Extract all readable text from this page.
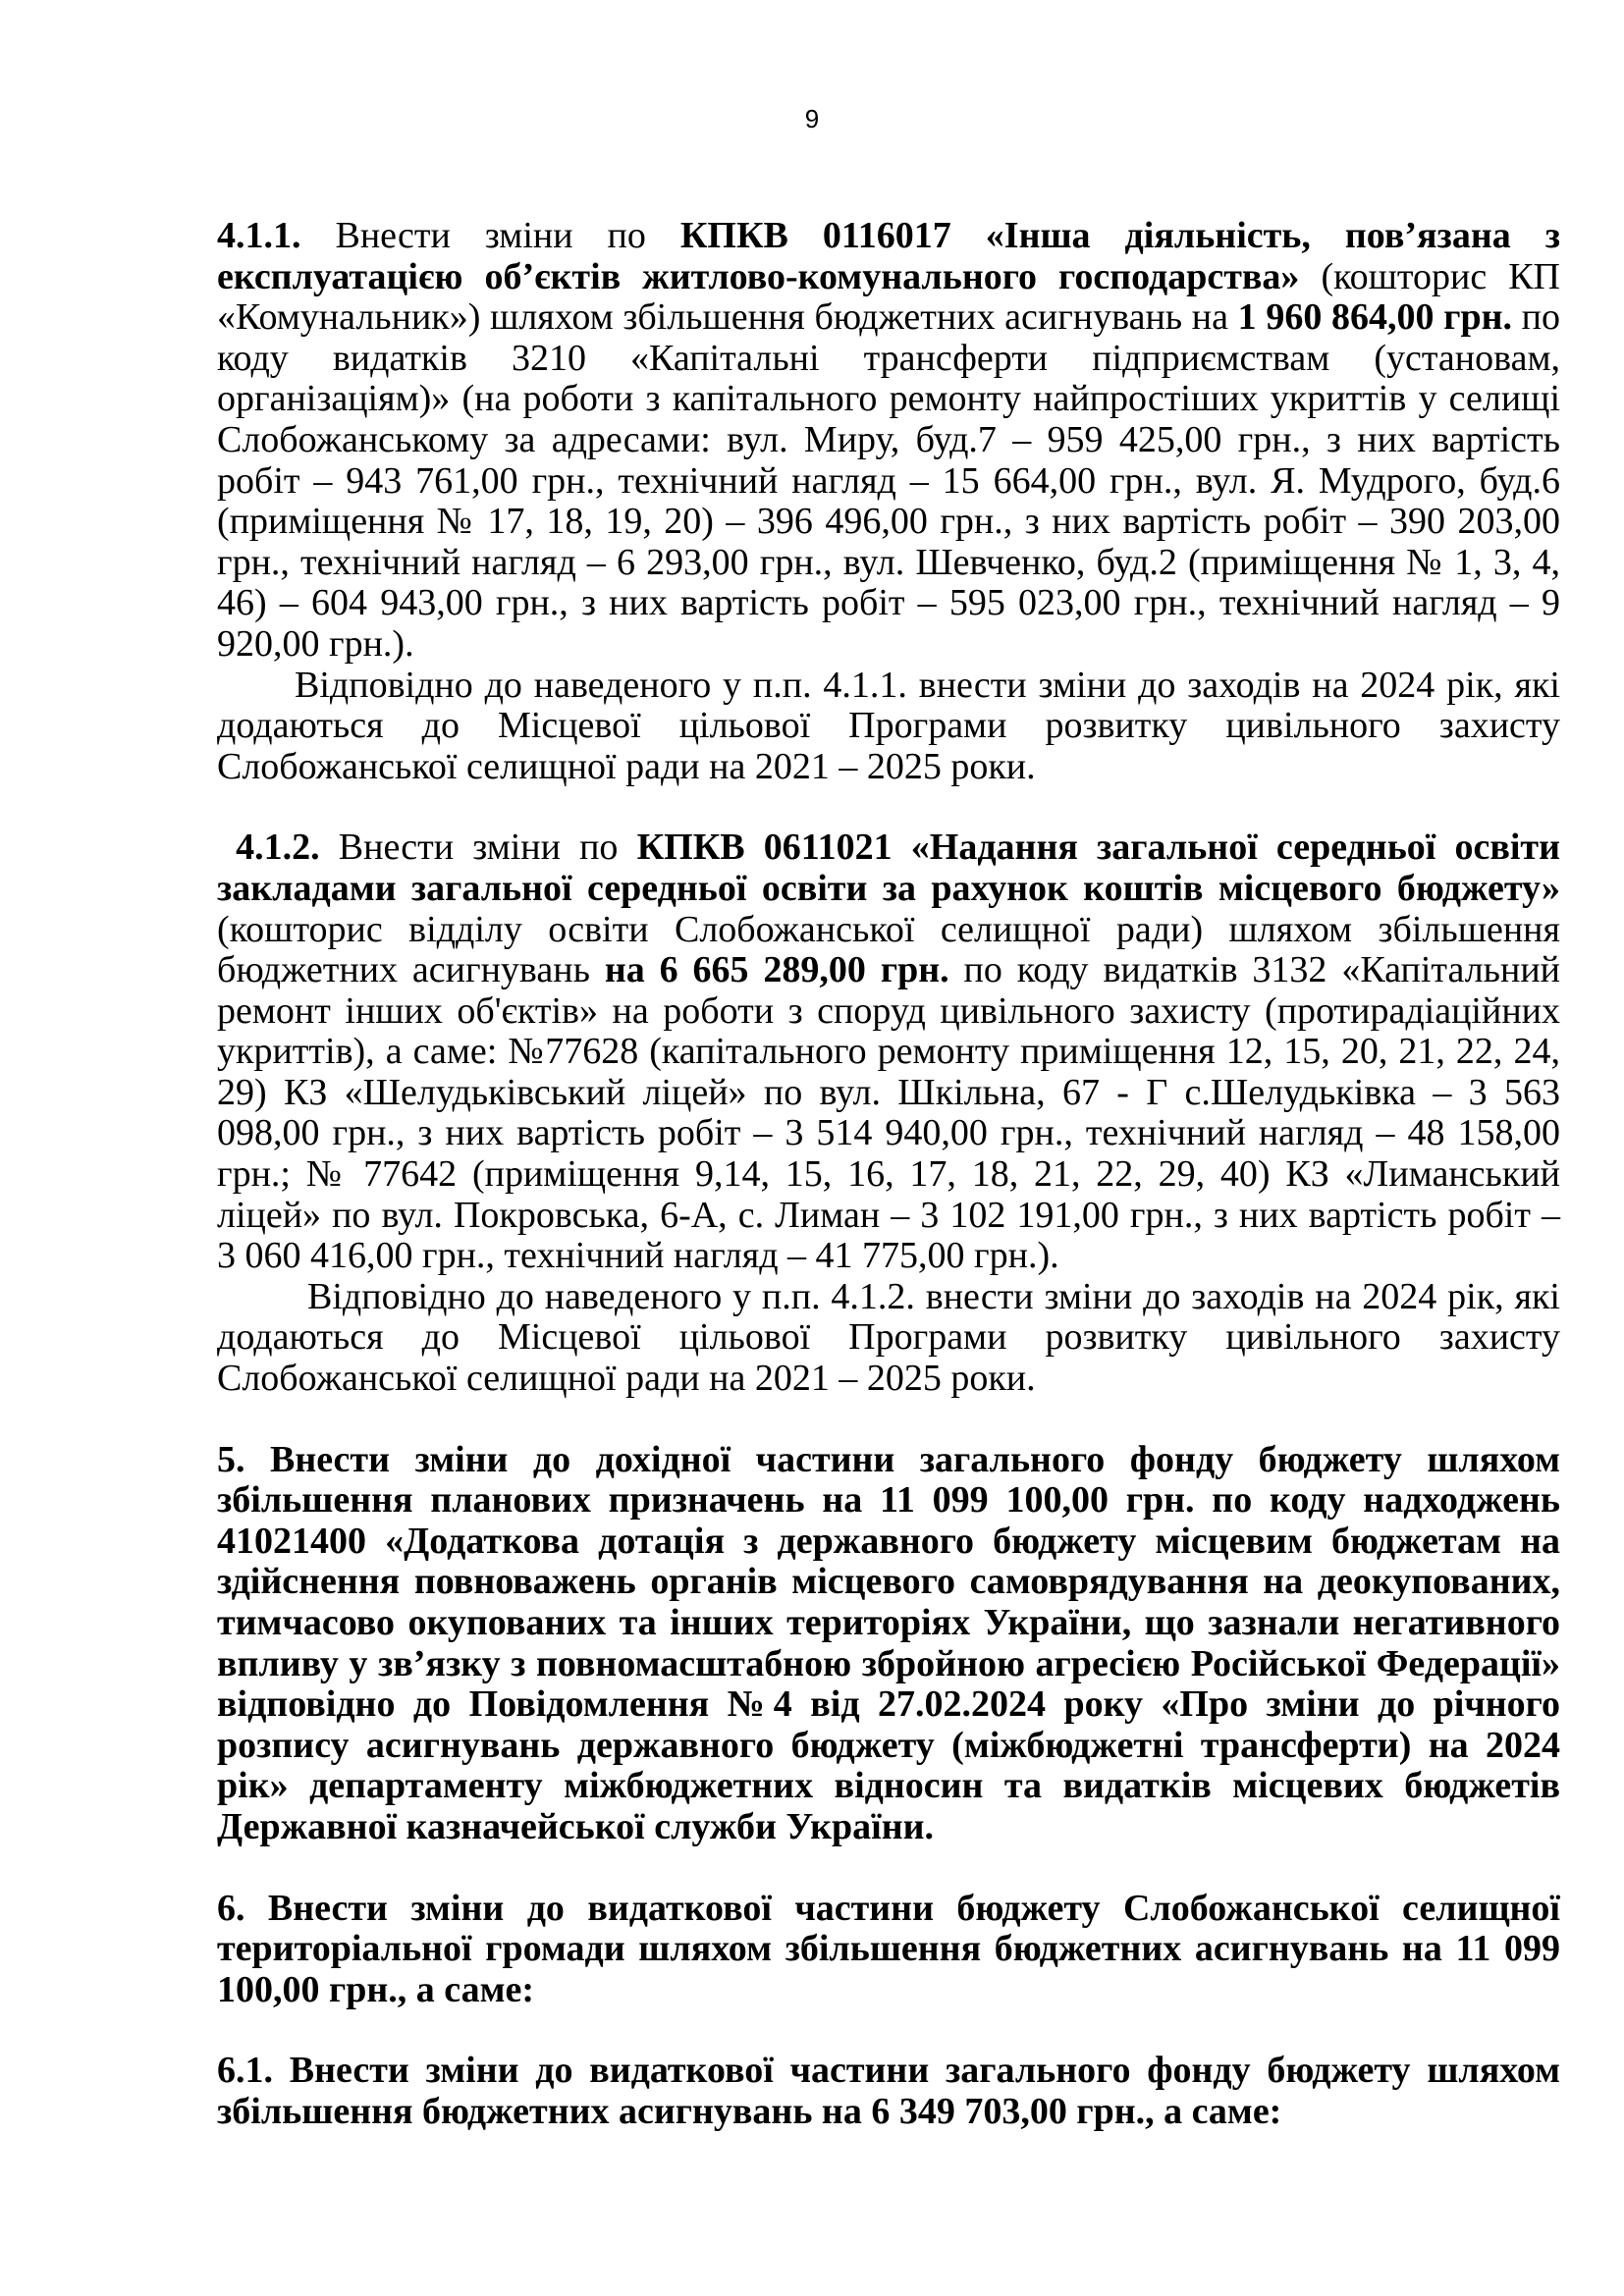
9

4.1.1. Внести зміни по КПКВ 0116017 «Інша діяльність, пов’язана з експлуатацією об’єктів житлово-комунального господарства» (кошторис КП «Комунальник») шляхом збільшення бюджетних асигнувань на 1 960 864,00 грн. по коду видатків 3210 «Капітальні трансферти підприємствам (установам, організаціям)» (на роботи з капітального ремонту найпростіших укриттів у селищі Слобожанському за адресами: вул. Миру, буд.7 – 959 425,00 грн., з них вартість робіт – 943 761,00 грн., технічний нагляд – 15 664,00 грн., вул. Я. Мудрого, буд.6 (приміщення № 17, 18, 19, 20) – 396 496,00 грн., з них вартість робіт – 390 203,00 грн., технічний нагляд – 6 293,00 грн., вул. Шевченко, буд.2 (приміщення № 1, 3, 4, 46) – 604 943,00 грн., з них вартість робіт – 595 023,00 грн., технічний нагляд – 9 920,00 грн.).

Відповідно до наведеного у п.п. 4.1.1. внести зміни до заходів на 2024 рік, які додаються до Місцевої цільової Програми розвитку цивільного захисту Слобожанської селищної ради на 2021 – 2025 роки.

4.1.2. Внести зміни по КПКВ 0611021 «Надання загальної середньої освіти закладами загальної середньої освіти за рахунок коштів місцевого бюджету» (кошторис відділу освіти Слобожанської селищної ради) шляхом збільшення бюджетних асигнувань на 6 665 289,00 грн. по коду видатків 3132 «Капітальний ремонт інших об'єктів» на роботи з споруд цивільного захисту (протирадіаційних укриттів), а саме: №77628 (капітального ремонту приміщення 12, 15, 20, 21, 22, 24, 29) КЗ «Шелудьківський ліцей» по вул. Шкільна, 67 - Г с.Шелудьківка – 3 563 098,00 грн., з них вартість робіт – 3 514 940,00 грн., технічний нагляд – 48 158,00 грн.; № 77642 (приміщення 9,14, 15, 16, 17, 18, 21, 22, 29, 40) КЗ «Лиманський ліцей» по вул. Покровська, 6-А, с. Лиман – 3 102 191,00 грн., з них вартість робіт – 3 060 416,00 грн., технічний нагляд – 41 775,00 грн.).

Відповідно до наведеного у п.п. 4.1.2. внести зміни до заходів на 2024 рік, які додаються до Місцевої цільової Програми розвитку цивільного захисту Слобожанської селищної ради на 2021 – 2025 роки.

5. Внести зміни до дохідної частини загального фонду бюджету шляхом збільшення планових призначень на 11 099 100,00 грн. по коду надходжень 41021400 «Додаткова дотація з державного бюджету місцевим бюджетам на здійснення повноважень органів місцевого самоврядування на деокупованих, тимчасово окупованих та інших територіях України, що зазнали негативного впливу у зв’язку з повномасштабною збройною агресією Російської Федерації» відповідно до Повідомлення №4 від 27.02.2024 року «Про зміни до річного розпису асигнувань державного бюджету (міжбюджетні трансферти) на 2024 рік» департаменту міжбюджетних відносин та видатків місцевих бюджетів Державної казначейської служби України.

6. Внести зміни до видаткової частини бюджету Слобожанської селищної територіальної громади шляхом збільшення бюджетних асигнувань на 11 099 100,00 грн., а саме:

6.1. Внести зміни до видаткової частини загального фонду бюджету шляхом збільшення бюджетних асигнувань на 6 349 703,00 грн., а саме:
